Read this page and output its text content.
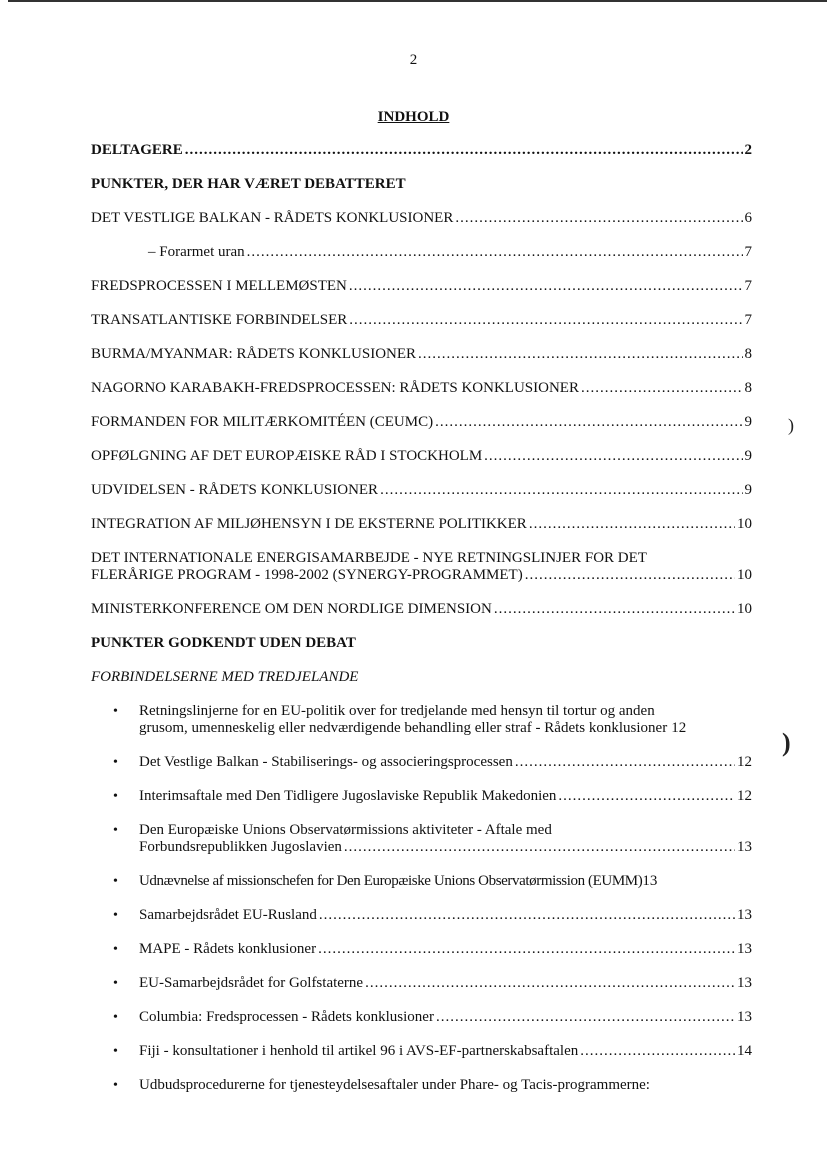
2
INDHOLD
DELTAGERE .....	2
PUNKTER, DER HAR VÆRET DEBATTERET
DET VESTLIGE BALKAN - RÅDETS KONKLUSIONER .....	6
– Forarmet uran .....	7
FREDSPROCESSEN I MELLEMØSTEN .....	7
TRANSATLANTISKE FORBINDELSER .....	7
BURMA/MYANMAR: RÅDETS KONKLUSIONER .....	8
NAGORNO KARABAKH-FREDSPROCESSEN: RÅDETS KONKLUSIONER .....	8
FORMANDEN FOR MILITÆRKOMITÉEN (CEUMC) .....	9
OPFØLGNING AF DET EUROPÆISKE RÅD I STOCKHOLM .....	9
UDVIDELSEN - RÅDETS KONKLUSIONER .....	9
INTEGRATION AF MILJØHENSYN I DE EKSTERNE POLITIKKER .....	10
DET INTERNATIONALE ENERGISAMARBEJDE - NYE RETNINGSLINJER FOR DET
FLERÅRIGE PROGRAM - 1998-2002 (SYNERGY-PROGRAMMET) .....	10
MINISTERKONFERENCE OM DEN NORDLIGE DIMENSION .....	10
PUNKTER GODKENDT UDEN DEBAT
FORBINDELSERNE MED TREDJELANDE
• Retningslinjerne for en EU-politik over for tredjelande med hensyn til tortur og anden
grusom, umenneskelig eller nedværdigende behandling eller straf - Rådets konklusioner 12
• Det Vestlige Balkan - Stabiliserings- og associeringsprocessen .....	12
• Interimsaftale med Den Tidligere Jugoslaviske Republik Makedonien .....	12
• Den Europæiske Unions Observatørmissions aktiviteter - Aftale med
Forbundsrepublikken Jugoslavien .....	13
• Udnævnelse af missionschefen for Den Europæiske Unions Observatørmission (EUMM) 13
• Samarbejdsrådet EU-Rusland .....	13
• MAPE - Rådets konklusioner .....	13
• EU-Samarbejdsrådet for Golfstaterne .....	13
• Columbia: Fredsprocessen - Rådets konklusioner .....	13
• Fiji - konsultationer i henhold til artikel 96 i AVS-EF-partnerskabsaftalen .....	14
• Udbudsprocedurerne for tjenesteydelsesaftaler under Phare- og Tacis-programmerne:
)
)
